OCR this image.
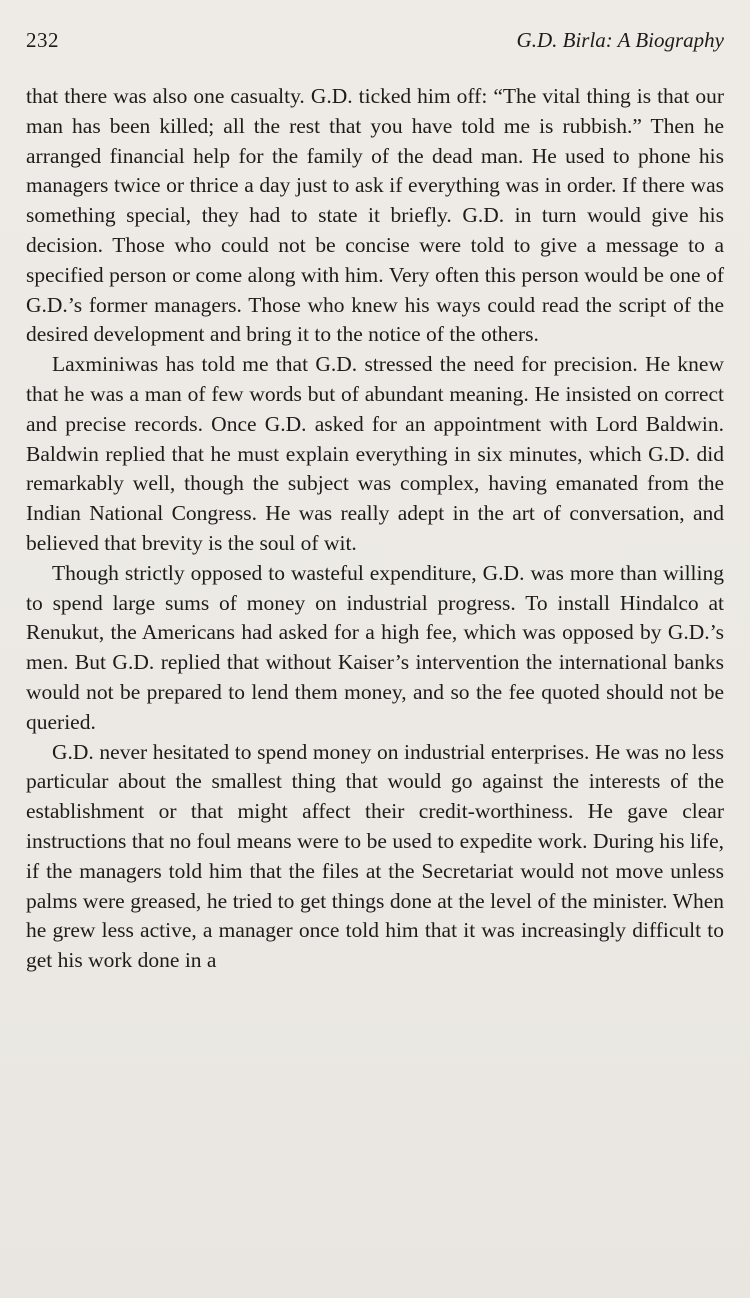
232	G.D. Birla: A Biography

that there was also one casualty. G.D. ticked him off: “The vital thing is that our man has been killed; all the rest that you have told me is rubbish.” Then he arranged financial help for the family of the dead man. He used to phone his managers twice or thrice a day just to ask if everything was in order. If there was something special, they had to state it briefly. G.D. in turn would give his decision. Those who could not be concise were told to give a message to a specified person or come along with him. Very often this person would be one of G.D.’s former managers. Those who knew his ways could read the script of the desired development and bring it to the notice of the others.

Laxminiwas has told me that G.D. stressed the need for precision. He knew that he was a man of few words but of abundant meaning. He insisted on correct and precise records. Once G.D. asked for an appointment with Lord Baldwin. Baldwin replied that he must explain everything in six minutes, which G.D. did remarkably well, though the subject was complex, having emanated from the Indian National Congress. He was really adept in the art of conversation, and believed that brevity is the soul of wit.

Though strictly opposed to wasteful expenditure, G.D. was more than willing to spend large sums of money on industrial progress. To install Hindalco at Renukut, the Americans had asked for a high fee, which was opposed by G.D.’s men. But G.D. replied that without Kaiser’s intervention the international banks would not be prepared to lend them money, and so the fee quoted should not be queried.

G.D. never hesitated to spend money on industrial enterprises. He was no less particular about the smallest thing that would go against the interests of the establishment or that might affect their credit-worthiness. He gave clear instructions that no foul means were to be used to expedite work. During his life, if the managers told him that the files at the Secretariat would not move unless palms were greased, he tried to get things done at the level of the minister. When he grew less active, a manager once told him that it was increasingly difficult to get his work done in a
